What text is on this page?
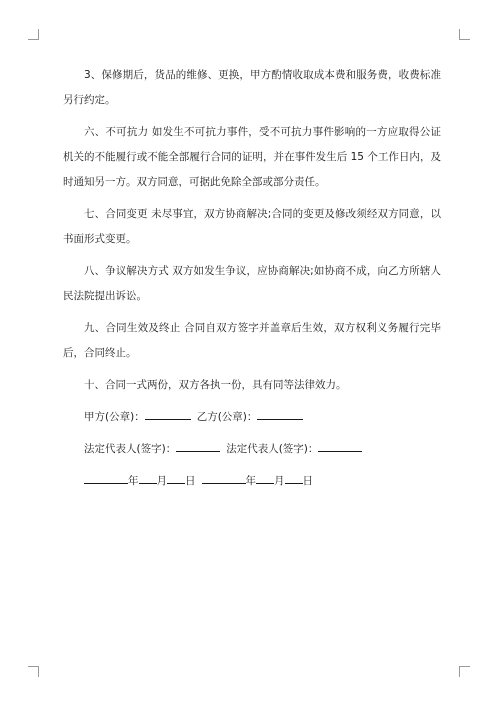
3、保修期后，货品的维修、更换，甲方酌情收取成本费和服务费，收费标准另行约定。

六、不可抗力 如发生不可抗力事件，受不可抗力事件影响的一方应取得公证机关的不能履行或不能全部履行合同的证明，并在事件发生后 15 个工作日内，及时通知另一方。双方同意，可据此免除全部或部分责任。

七、合同变更 未尽事宜，双方协商解决;合同的变更及修改须经双方同意，以书面形式变更。

八、争议解决方式 双方如发生争议，应协商解决;如协商不成，向乙方所辖人民法院提出诉讼。

九、合同生效及终止 合同自双方签字并盖章后生效，双方权利义务履行完毕后，合同终止。

十、合同一式两份，双方各执一份，具有同等法律效力。

甲方(公章)：	乙方(公章)：
法定代表人(签字)：	法定代表人(签字)：
年 月 日	年 月 日
